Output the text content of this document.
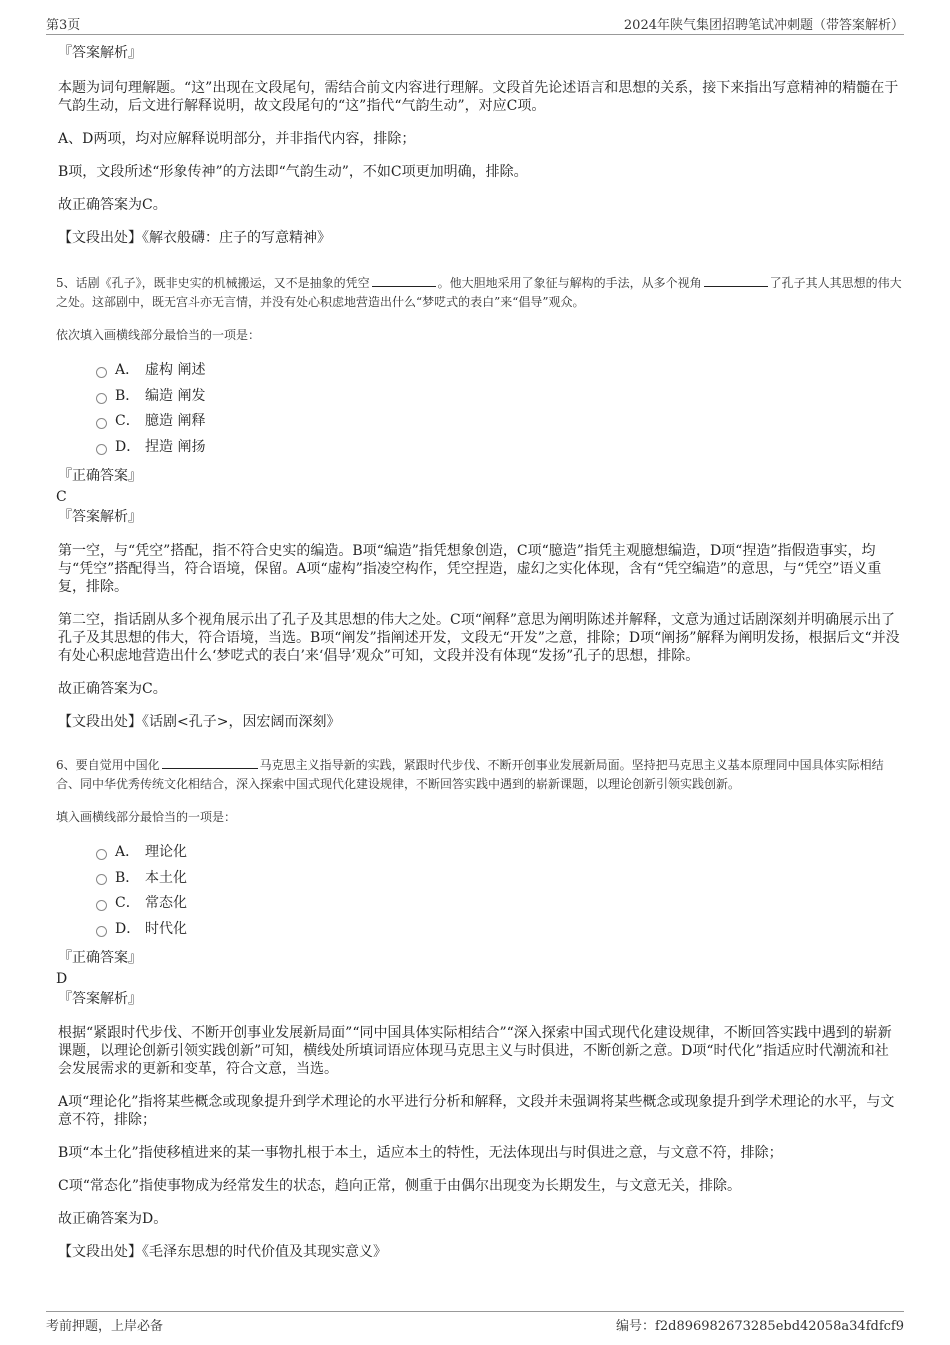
第3页	2024年陕气集团招聘笔试冲刺题（带答案解析）
『答案解析』

本题为词句理解题。“这”出现在文段尾句，需结合前文内容进行理解。文段首先论述语言和思想的关系，接下来指出写意精神的精髓在于气韵生动，后文进行解释说明，故文段尾句的“这”指代“气韵生动”，对应C项。

A、D两项，均对应解释说明部分，并非指代内容，排除；

B项，文段所述“形象传神”的方法即“气韵生动”，不如C项更加明确，排除。

故正确答案为C。

【文段出处】《解衣般礴：庄子的写意精神》
5、话剧《孔子》，既非史实的机械搬运，又不是抽象的凭空	。他大胆地采用了象征与解构的手法，从多个视角	了孔子其人其思想的伟大之处。这部剧中，既无宫斗亦无言情，并没有处心积虑地营造出什么“梦呓式的表白”来“倡导”观众。
依次填入画横线部分最恰当的一项是：
A． 虚构 阐述
B． 编造 阐发
C． 臆造 阐释
D． 捏造 阐扬
『正确答案』
C
『答案解析』

第一空，与“凭空”搭配，指不符合史实的编造。B项“编造”指凭想象创造，C项“臆造”指凭主观臆想编造，D项“捏造”指假造事实，均与“凭空”搭配得当，符合语境，保留。A项“虚构”指凌空构作，凭空捏造，虚幻之实化体现，含有“凭空编造”的意思，与“凭空”语义重复，排除。

第二空，指话剧从多个视角展示出了孔子及其思想的伟大之处。C项“阐释”意思为阐明陈述并解释，文意为通过话剧深刻并明确展示出了孔子及其思想的伟大，符合语境，当选。B项“阐发”指阐述开发，文段无“开发”之意，排除；D项“阐扬”解释为阐明发扬，根据后文“并没有处心积虑地营造出什么‘梦呓式的表白’来‘倡导’观众”可知，文段并没有体现“发扬”孔子的思想，排除。

故正确答案为C。

【文段出处】《话剧<孔子>，因宏阔而深刻》
6、要自觉用中国化	马克思主义指导新的实践，紧跟时代步伐、不断开创事业发展新局面。坚持把马克思主义基本原理同中国具体实际相结合、同中华优秀传统文化相结合，深入探索中国式现代化建设规律，不断回答实践中遇到的崭新课题，以理论创新引领实践创新。
填入画横线部分最恰当的一项是：
A． 理论化
B． 本土化
C． 常态化
D． 时代化
『正确答案』
D
『答案解析』

根据“紧跟时代步伐、不断开创事业发展新局面”“同中国具体实际相结合”“深入探索中国式现代化建设规律，不断回答实践中遇到的崭新课题，以理论创新引领实践创新”可知，横线处所填词语应体现马克思主义与时俱进，不断创新之意。D项“时代化”指适应时代潮流和社会发展需求的更新和变革，符合文意，当选。

A项“理论化”指将某些概念或现象提升到学术理论的水平进行分析和解释，文段并未强调将某些概念或现象提升到学术理论的水平，与文意不符，排除；

B项“本土化”指使移植进来的某一事物扎根于本土，适应本土的特性，无法体现出与时俱进之意，与文意不符，排除；

C项“常态化”指使事物成为经常发生的状态，趋向正常，侧重于由偶尔出现变为长期发生，与文意无关，排除。

故正确答案为D。

【文段出处】《毛泽东思想的时代价值及其现实意义》
考前押题，上岸必备	编号：f2d896982673285ebd42058a34fdfcf9
